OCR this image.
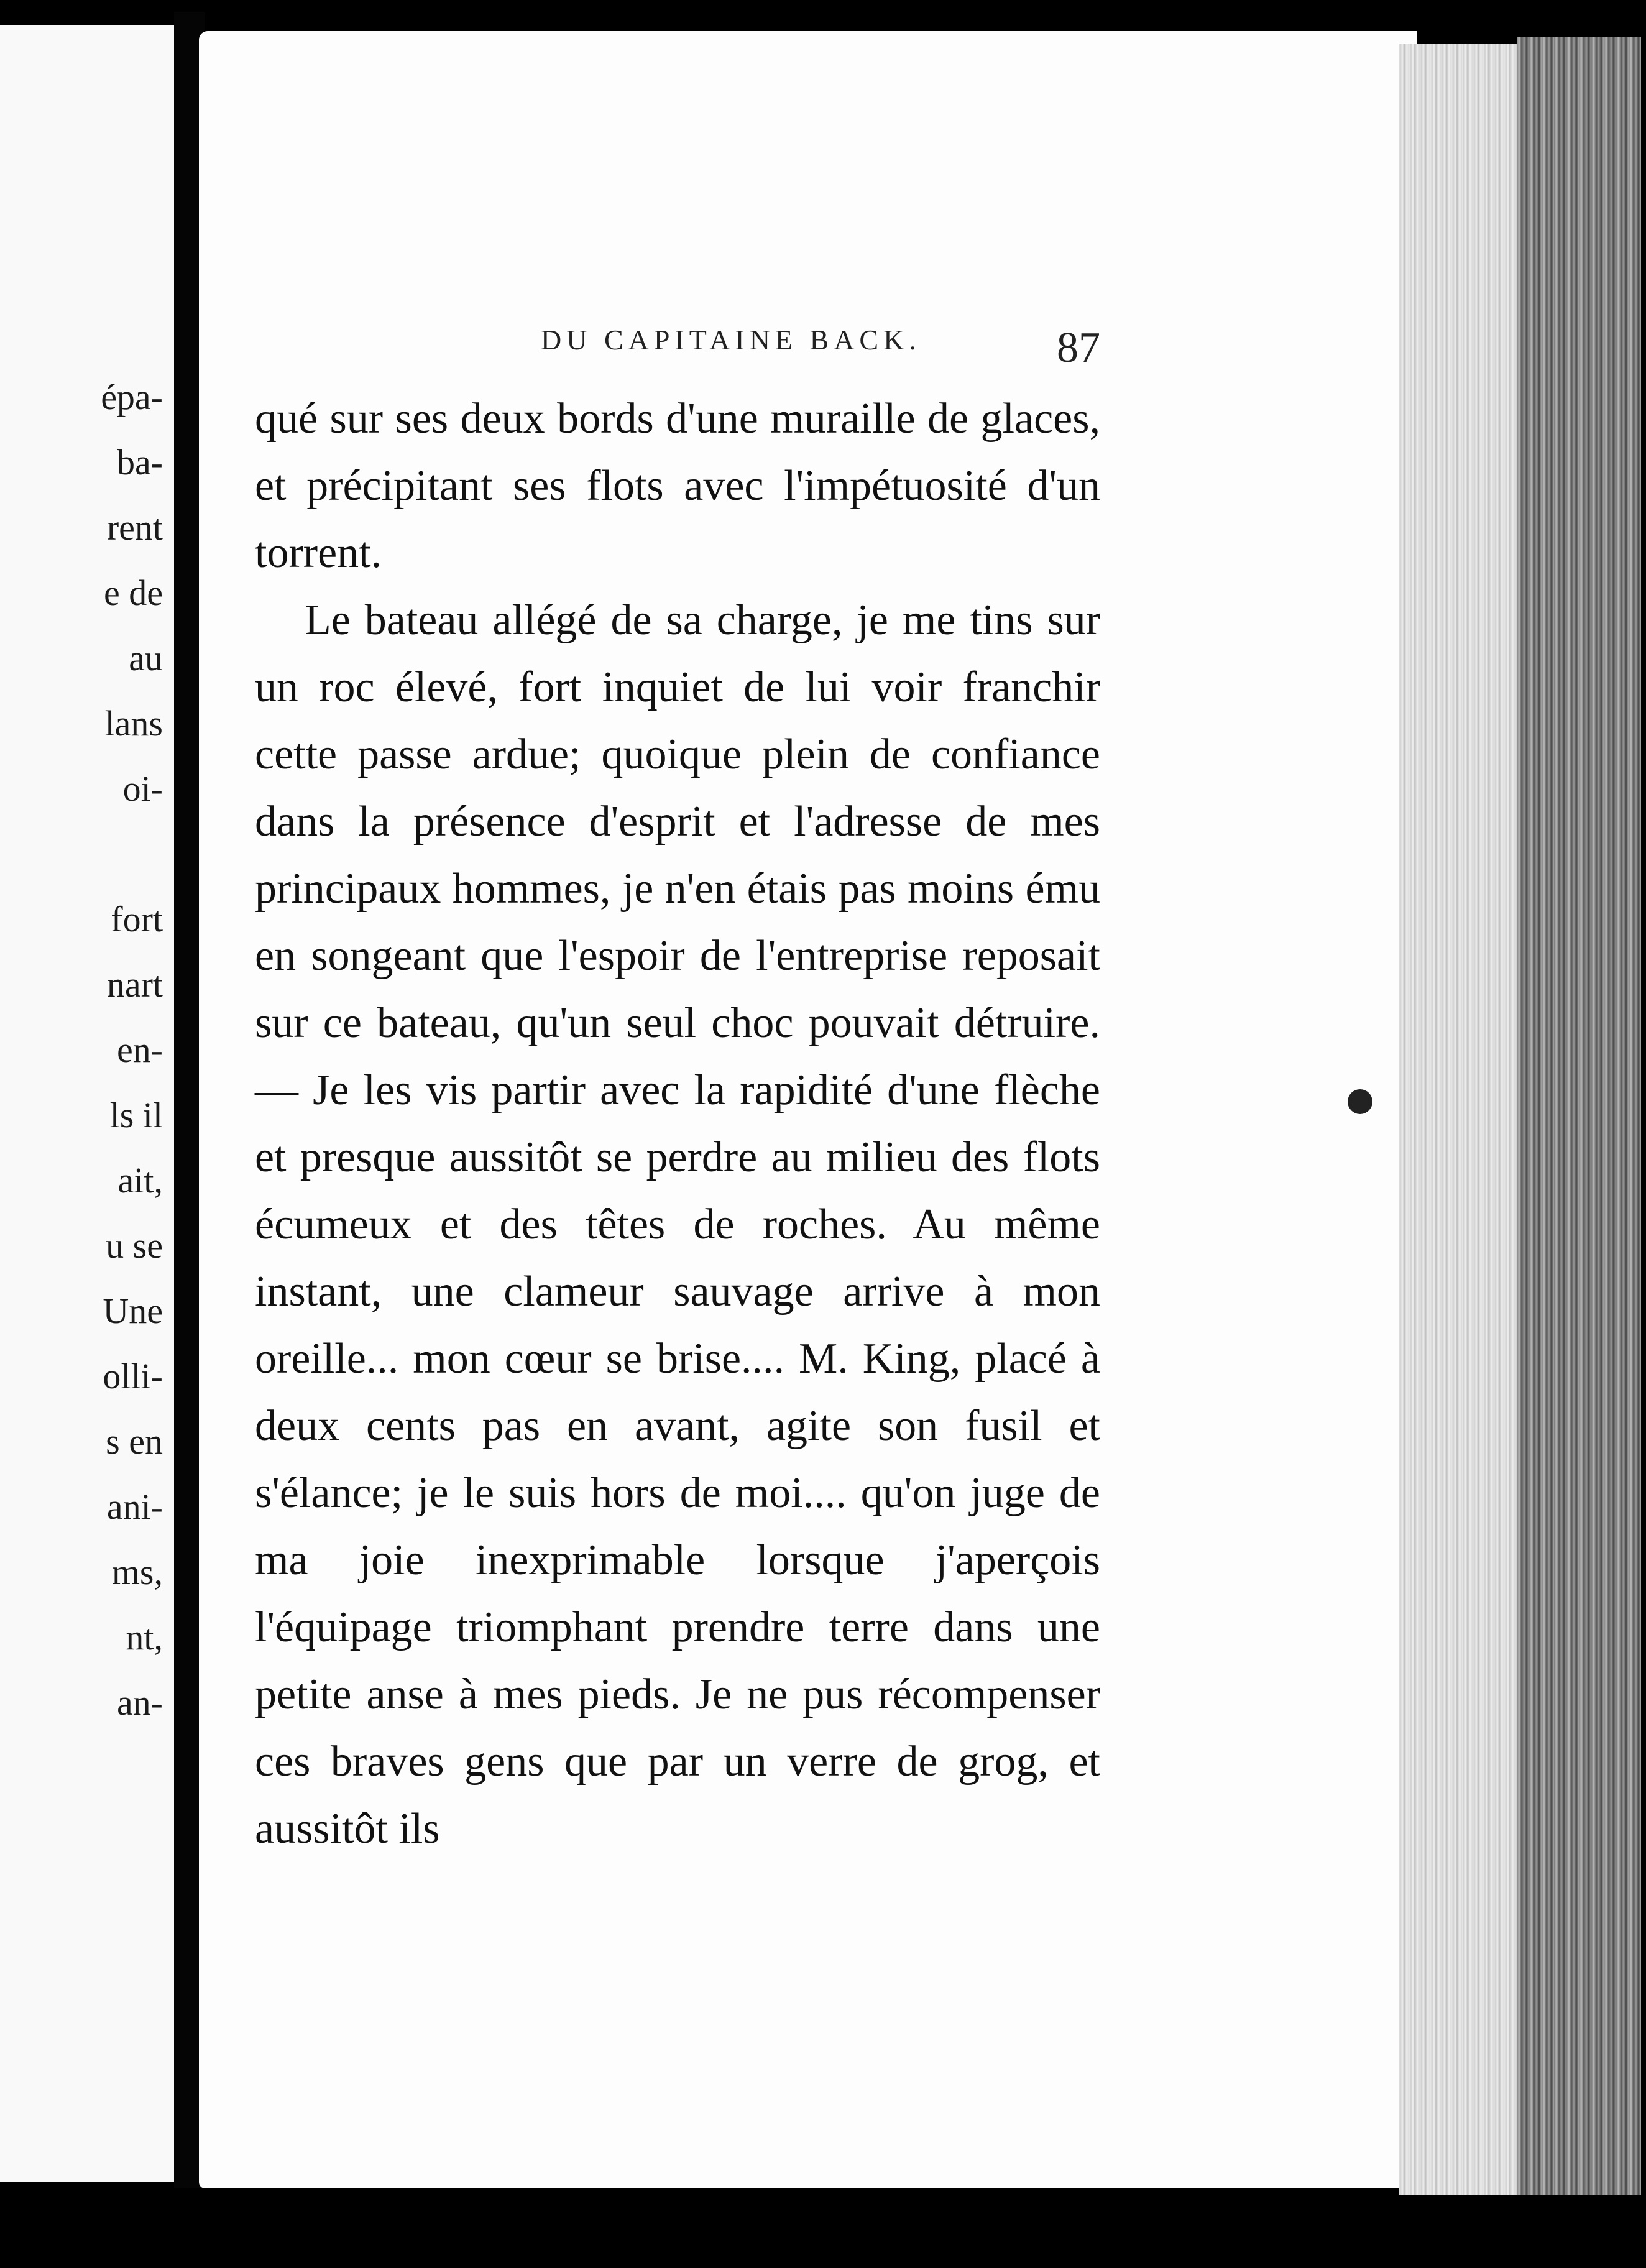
épa-
ba-
rent
e de
au
lans
oi-
fort
nart
en-
ls il
ait,
u se
Une
olli-
s en
ani-
ms,
nt,
an-
DU CAPITAINE BACK.	87

qué sur ses deux bords d'une muraille de glaces, et précipitant ses flots avec l'impétuosité d'un torrent.

Le bateau allégé de sa charge, je me tins sur un roc élevé, fort inquiet de lui voir franchir cette passe ardue; quoique plein de confiance dans la présence d'esprit et l'adresse de mes principaux hommes, je n'en étais pas moins ému en songeant que l'espoir de l'entreprise reposait sur ce bateau, qu'un seul choc pouvait détruire. — Je les vis partir avec la rapidité d'une flèche et presque aussitôt se perdre au milieu des flots écumeux et des têtes de roches. Au même instant, une clameur sauvage arrive à mon oreille... mon cœur se brise.... M. King, placé à deux cents pas en avant, agite son fusil et s'élance; je le suis hors de moi.... qu'on juge de ma joie inexprimable lorsque j'aperçois l'équipage triomphant prendre terre dans une petite anse à mes pieds. Je ne pus récompenser ces braves gens que par un verre de grog, et aussitôt ils
